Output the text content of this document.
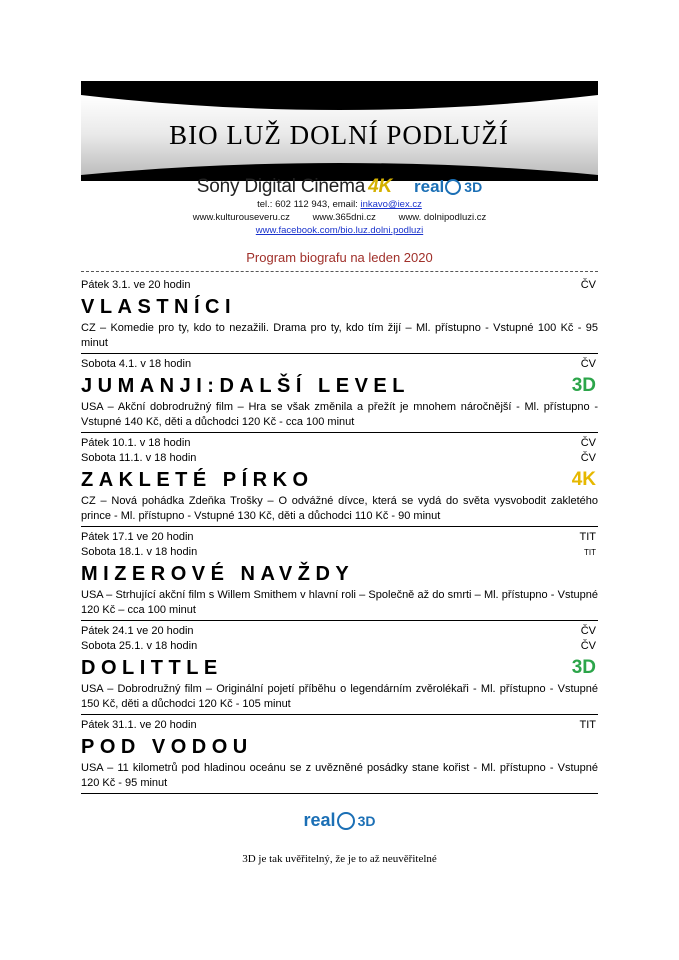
BIO LUŽ DOLNÍ PODLUŽÍ
Sony Digital Cinema 4K real 3D
tel.: 602 112 943, email: inkavo@iex.cz
www.kulturouseveru.cz www.365dni.cz www. dolnipodluzi.cz
www.facebook.com/bio.luz.dolni.podluzi
Program biografu na leden 2020
Pátek 3.1. ve 20 hodin	ČV
VLASTNÍCI
CZ – Komedie pro ty, kdo to nezažili. Drama pro ty, kdo tím žijí – Ml. přístupno - Vstupné 100 Kč - 95 minut
Sobota 4.1. v 18 hodin	ČV
JUMANJI:DALŠÍ LEVEL	3D
USA – Akční dobrodružný film – Hra se však změnila a přežít je mnohem náročnější - Ml. přístupno - Vstupné 140 Kč, děti a důchodci 120 Kč - cca 100 minut
Pátek 10.1. v 18 hodin	ČV
Sobota 11.1. v 18 hodin	ČV
ZAKLETÉ PÍRKO	4K
CZ – Nová pohádka Zdeňka Trošky – O odvážné dívce, která se vydá do světa vysvobodit zakletého prince - Ml. přístupno - Vstupné 130 Kč, děti a důchodci 110 Kč - 90 minut
Pátek 17.1 ve 20 hodin	TIT
Sobota 18.1. v 18 hodin	TIT
MIZEROVÉ NAVŽDY
USA – Strhující akční film s Willem Smithem v hlavní roli – Společně až do smrti – Ml. přístupno - Vstupné 120 Kč – cca 100 minut
Pátek 24.1 ve 20 hodin	ČV
Sobota 25.1. v 18 hodin	ČV
DOLITTLE	3D
USA – Dobrodružný film – Originální pojetí příběhu o legendárním zvěrolékaři - Ml. přístupno - Vstupné 150 Kč, děti a důchodci 120 Kč - 105 minut
Pátek 31.1. ve 20 hodin	TIT
POD VODOU
USA – 11 kilometrů pod hladinou oceánu se z uvězněné posádky stane kořist - Ml. přístupno - Vstupné 120 Kč - 95 minut
real 3D
3D je tak uvěřitelný, že je to až neuvěřitelné
